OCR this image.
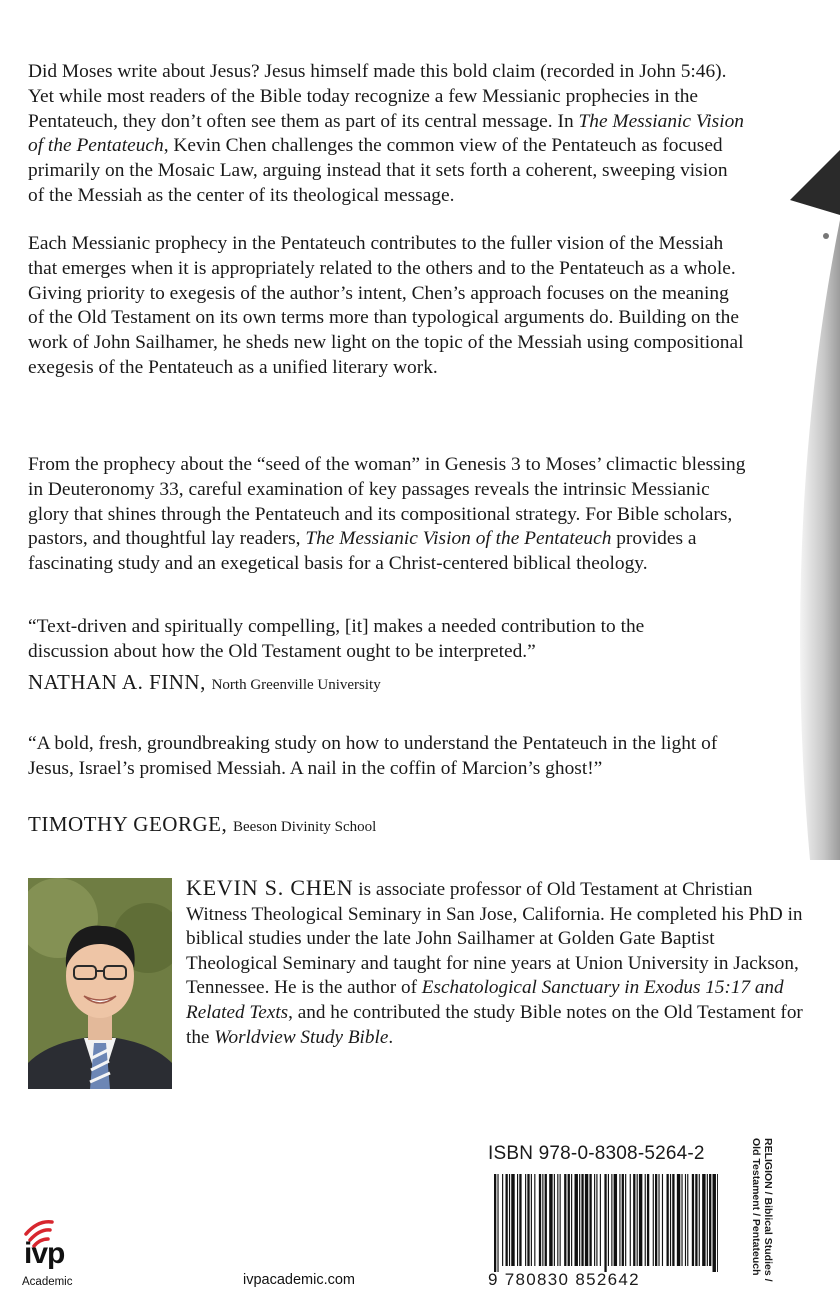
Did Moses write about Jesus? Jesus himself made this bold claim (recorded in John 5:46). Yet while most readers of the Bible today recognize a few Messianic prophecies in the Pentateuch, they don’t often see them as part of its central message. In The Messianic Vision of the Pentateuch, Kevin Chen challenges the common view of the Pentateuch as focused primarily on the Mosaic Law, arguing instead that it sets forth a coherent, sweeping vision of the Messiah as the center of its theological message.

Each Messianic prophecy in the Pentateuch contributes to the fuller vision of the Messiah that emerges when it is appropriately related to the others and to the Pentateuch as a whole. Giving priority to exegesis of the author’s intent, Chen’s approach focuses on the meaning of the Old Testament on its own terms more than typological arguments do. Building on the work of John Sailhamer, he sheds new light on the topic of the Messiah using compositional exegesis of the Pentateuch as a unified literary work.

From the prophecy about the “seed of the woman” in Genesis 3 to Moses’ climactic blessing in Deuteronomy 33, careful examination of key passages reveals the intrinsic Messianic glory that shines through the Pentateuch and its compositional strategy. For Bible scholars, pastors, and thoughtful lay readers, The Messianic Vision of the Pentateuch provides a fascinating study and an exegetical basis for a Christ-centered biblical theology.

“Text-driven and spiritually compelling, [it] makes a needed contribution to the discussion about how the Old Testament ought to be interpreted.”

NATHAN A. FINN, North Greenville University

“A bold, fresh, groundbreaking study on how to understand the Pentateuch in the light of Jesus, Israel’s promised Messiah. A nail in the coffin of Marcion’s ghost!”

TIMOTHY GEORGE, Beeson Divinity School

KEVIN S. CHEN is associate professor of Old Testament at Christian Witness Theological Seminary in San Jose, California. He completed his PhD in biblical studies under the late John Sailhamer at Golden Gate Baptist Theological Seminary and taught for nine years at Union University in Jackson, Tennessee. He is the author of Eschatological Sanctuary in Exodus 15:17 and Related Texts, and he contributed the study Bible notes on the Old Testament for the Worldview Study Bible.

ISBN 978-0-8308-5264-2
9 780830 852642	RELIGION / Biblical Studies /
Old Testament / Pentateuch
ivp
Academic	ivpacademic.com
